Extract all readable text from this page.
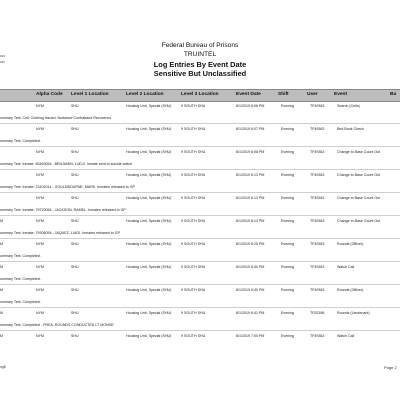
019
AM
Federal Bureau of Prisons
TRUINTEL
Log Entries By Event Date
Sensitive But Unclassified
Alpha Code Level 1 Location	Level 2 Location	Level 3 Location	Event Date	Shift	User	Event	Ba
NYM	SHU	Housing Unit, Special (SHU)	9 SOUTH SHU	8/1/2019 6:06 PM	Evening	TF49363	Search (Cells)
ummary Text: Cell: Clothing Issued, Nuisance Contraband Recovered.
NYM	SHU	Housing Unit, Special (SHU)	9 SOUTH SHU	8/1/2019 6:07 PM	Evening	TF49363	Bed Book Check
ummary Text: Completed.
NYM	SHU	Housing Unit, Special (SHU)	9 SOUTH SHU	8/1/2019 6:08 PM	Evening	TF49363	Change to Base Count Out
ummary Text: Inmate: 80463054 - BENJAMIN, LUDJI. Inmate sent to suicide watch
NYM	SHU	Housing Unit, Special (SHU)	9 SOUTH SHU	8/1/2019 6:13 PM	Evening	TF49363	Change to Base Count Out
ummary Text: Inmate: 23102014 - GOULDBOURNE, MARK. Inmates released to GP
NYM	SHU	Housing Unit, Special (SHU)	9 SOUTH SHU	8/1/2019 6:13 PM	Evening	TF49363	Change to Base Count Out
ummary Text: Inmate: 79729054 - JACKSON, RAMEL. Inmates released to GP
M	NYM	SHU	Housing Unit, Special (SHU)	9 SOUTH SHU	8/1/2019 6:13 PM	Evening	TF49363	Change to Base Count Out
ummary Text: Inmate: 79306054 - JAQUEZ, LUIGI. Inmates released to GP
M	NYM	SHU	Housing Unit, Special (SHU)	9 SOUTH SHU	8/1/2019 6:25 PM	Evening	TF49363	Rounds (Officer)
ummary Text: Completed.
M	NYM	SHU	Housing Unit, Special (SHU)	9 SOUTH SHU	8/1/2019 6:30 PM	Evening	TF49363	Watch Call
ummary Text: Completed.
M	NYM	SHU	Housing Unit, Special (SHU)	9 SOUTH SHU	8/1/2019 6:40 PM	Evening	TF49363	Rounds (Officer)
ummary Text: Completed.
M	NYM	SHU	Housing Unit, Special (SHU)	9 SOUTH SHU	8/1/2019 6:41 PM	Evening	TF52396	Rounds (Lieutenant)
ummary Text: Completed - PREA, ROUNDS CONDUCTED LT MONGE
M	NYM	SHU	Housing Unit, Special (SHU)	9 SOUTH SHU	8/1/2019 7:00 PM	Evening	TF49363	Watch Call
ng8	Page 2
